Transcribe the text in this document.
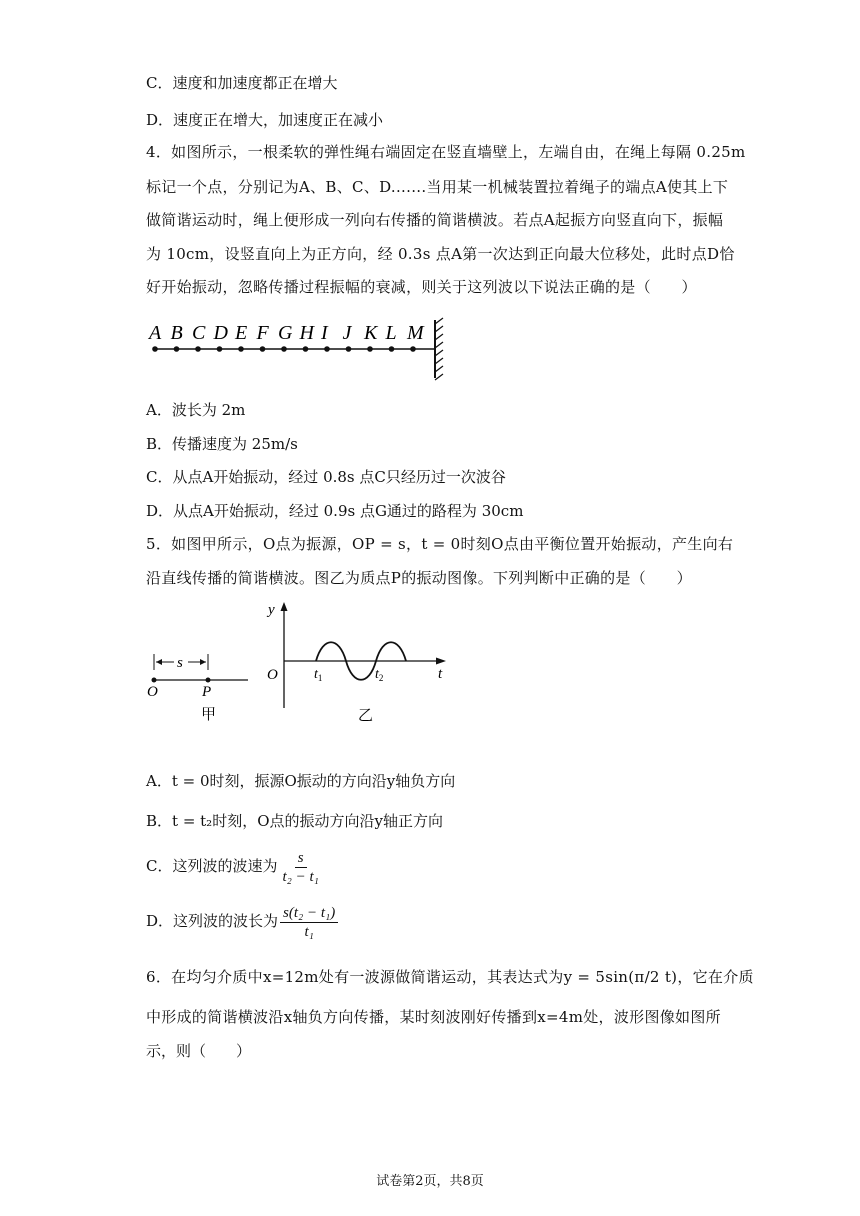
C．速度和加速度都正在增大
D．速度正在增大，加速度正在减小
4．如图所示，一根柔软的弹性绳右端固定在竖直墙壁上，左端自由，在绳上每隔 0.25m
标记一个点，分别记为A、B、C、D.......当用某一机械装置拉着绳子的端点A使其上下
做简谐运动时，绳上便形成一列向右传播的简谐横波。若点A起振方向竖直向下，振幅
为 10cm，设竖直向上为正方向，经 0.3s 点A第一次达到正向最大位移处，此时点D恰
好开始振动，忽略传播过程振幅的衰减，则关于这列波以下说法正确的是（　　）
A B C D E F G H I J K L M
A．波长为 2m
B．传播速度为 25m/s
C．从点A开始振动，经过 0.8s 点C只经历过一次波谷
D．从点A开始振动，经过 0.9s 点G通过的路程为 30cm
5．如图甲所示，O点为振源，OP = s，t = 0时刻O点由平衡位置开始振动，产生向右
沿直线传播的简谐横波。图乙为质点P的振动图像。下列判断中正确的是（　　）
s
O	P
甲
y
t
O	$t_1$	$t_2$
乙
A．t = 0时刻，振源O振动的方向沿y轴负方向
B．t = t₂时刻，O点的振动方向沿y轴正方向
C．这列波的波速为 $\frac{s}{\text{t₂ − t₁}}$
D．这列波的波长为 $\frac{\text{s(t₂ − t₁)}}{\text{t₁}}$
6．在均匀介质中x=12m处有一波源做简谐运动，其表达式为y = 5sin(π/2 t)，它在介质
中形成的简谐横波沿x轴负方向传播，某时刻波刚好传播到x=4m处，波形图像如图所
示，则（　　）
试卷第2页，共8页
